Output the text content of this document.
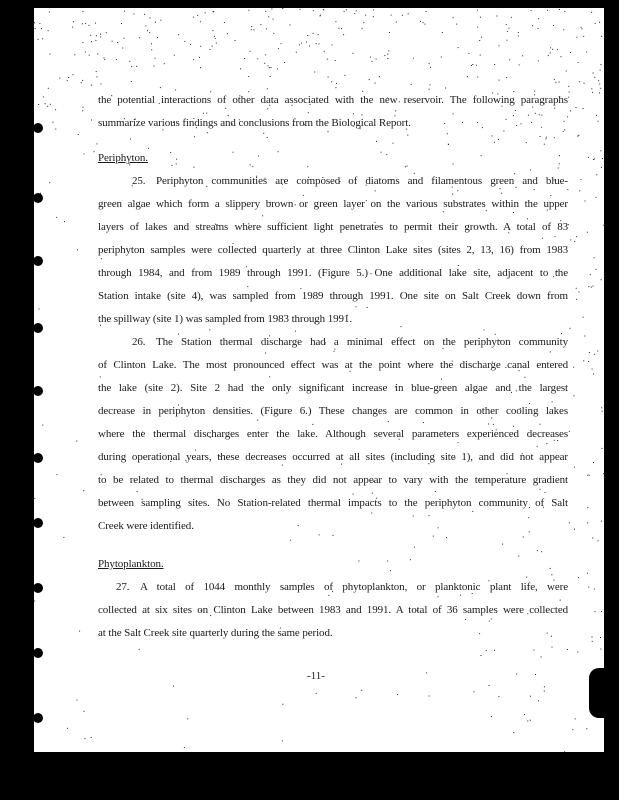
the potential interactions of other data associated with the new reservoir. The following paragraphs
summarize various findings and conclusions from the Biological Report.
Periphyton.
25. Periphyton communities are composed of diatoms and filamentous green and blue-
green algae which form a slippery brown or green layer on the various substrates within the upper
layers of lakes and streams where sufficient light penetrates to permit their growth. A total of 83
periphyton samples were collected quarterly at three Clinton Lake sites (sites 2, 13, 16) from 1983
through 1984, and from 1989 through 1991. (Figure 5.) One additional lake site, adjacent to the
Station intake (site 4), was sampled from 1989 through 1991. One site on Salt Creek down from
the spillway (site 1) was sampled from 1983 through 1991.
26. The Station thermal discharge had a minimal effect on the periphyton community
of Clinton Lake. The most pronounced effect was at the point where the discharge canal entered
the lake (site 2). Site 2 had the only significant increase in blue-green algae and the largest
decrease in periphyton densities. (Figure 6.) These changes are common in other cooling lakes
where the thermal discharges enter the lake. Although several parameters experienced decreases
during operational years, these decreases occurred at all sites (including site 1), and did not appear
to be related to thermal discharges as they did not appear to vary with the temperature gradient
between sampling sites. No Station-related thermal impacts to the periphyton community of Salt
Creek were identified.
Phytoplankton.
27. A total of 1044 monthly samples of phytoplankton, or planktonic plant life, were
collected at six sites on Clinton Lake between 1983 and 1991. A total of 36 samples were collected
at the Salt Creek site quarterly during the same period.
-11-
